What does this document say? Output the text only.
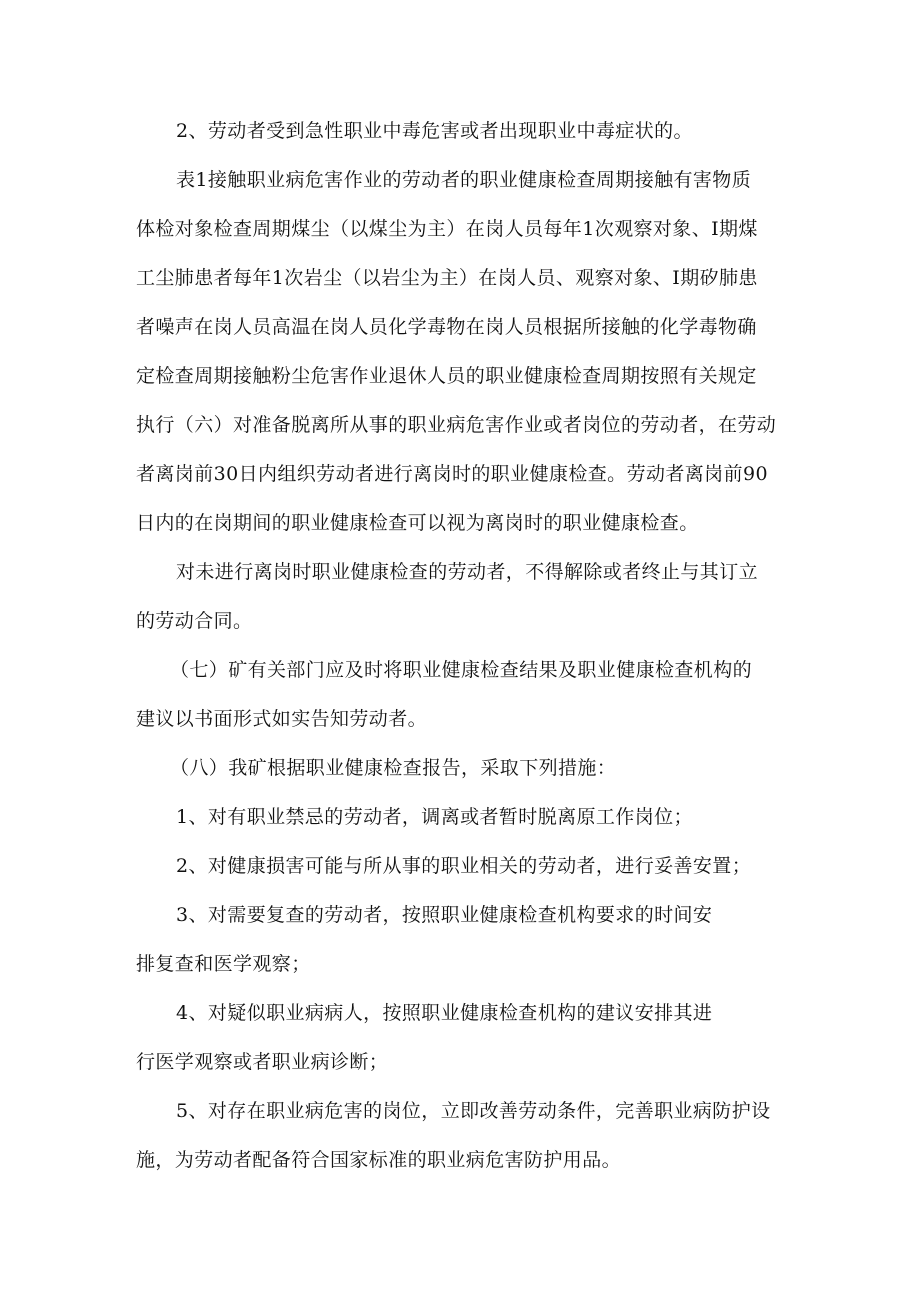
2、劳动者受到急性职业中毒危害或者出现职业中毒症状的。
表1接触职业病危害作业的劳动者的职业健康检查周期接触有害物质
体检对象检查周期煤尘（以煤尘为主）在岗人员每年1次观察对象、I期煤
工尘肺患者每年1次岩尘（以岩尘为主）在岗人员、观察对象、I期矽肺患
者噪声在岗人员高温在岗人员化学毒物在岗人员根据所接触的化学毒物确
定检查周期接触粉尘危害作业退休人员的职业健康检查周期按照有关规定
执行（六）对准备脱离所从事的职业病危害作业或者岗位的劳动者，在劳动
者离岗前30日内组织劳动者进行离岗时的职业健康检查。劳动者离岗前90
日内的在岗期间的职业健康检查可以视为离岗时的职业健康检查。
对未进行离岗时职业健康检查的劳动者，不得解除或者终止与其订立
的劳动合同。
（七）矿有关部门应及时将职业健康检查结果及职业健康检查机构的
建议以书面形式如实告知劳动者。
（八）我矿根据职业健康检查报告，采取下列措施：
1、对有职业禁忌的劳动者，调离或者暂时脱离原工作岗位；
2、对健康损害可能与所从事的职业相关的劳动者，进行妥善安置；
3、对需要复查的劳动者，按照职业健康检查机构要求的时间安
排复查和医学观察；
4、对疑似职业病病人，按照职业健康检查机构的建议安排其进
行医学观察或者职业病诊断；
5、对存在职业病危害的岗位，立即改善劳动条件，完善职业病防护设
施，为劳动者配备符合国家标准的职业病危害防护用品。
